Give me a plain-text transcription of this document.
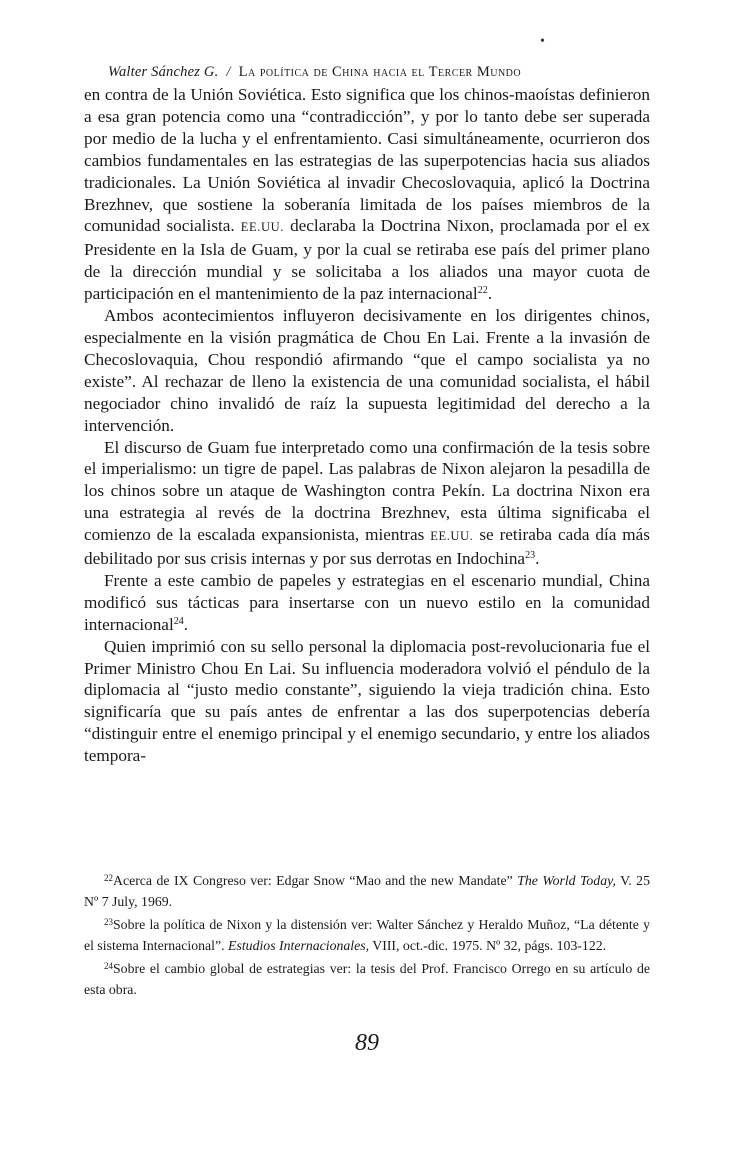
•
Walter Sánchez G. / La política de China hacia el Tercer Mundo

en contra de la Unión Soviética. Esto significa que los chinos-maoístas definieron a esa gran potencia como una “contradicción”, y por lo tanto debe ser superada por medio de la lucha y el enfrentamiento. Casi simultáneamente, ocurrieron dos cambios fundamentales en las estrategias de las superpotencias hacia sus aliados tradicionales. La Unión Soviética al invadir Checoslovaquia, aplicó la Doctrina Brezhnev, que sostiene la soberanía limitada de los países miembros de la comunidad socialista. EE.UU. declaraba la Doctrina Nixon, proclamada por el ex Presidente en la Isla de Guam, y por la cual se retiraba ese país del primer plano de la dirección mundial y se solicitaba a los aliados una mayor cuota de participación en el mantenimiento de la paz internacional$^{22}$.

Ambos acontecimientos influyeron decisivamente en los dirigentes chinos, especialmente en la visión pragmática de Chou En Lai. Frente a la invasión de Checoslovaquia, Chou respondió afirmando “que el campo socialista ya no existe”. Al rechazar de lleno la existencia de una comunidad socialista, el hábil negociador chino invalidó de raíz la supuesta legitimidad del derecho a la intervención.

El discurso de Guam fue interpretado como una confirmación de la tesis sobre el imperialismo: un tigre de papel. Las palabras de Nixon alejaron la pesadilla de los chinos sobre un ataque de Washington contra Pekín. La doctrina Nixon era una estrategia al revés de la doctrina Brezhnev, esta última significaba el comienzo de la escalada expansionista, mientras EE.UU. se retiraba cada día más debilitado por sus crisis internas y por sus derrotas en Indochina$^{23}$.

Frente a este cambio de papeles y estrategias en el escenario mundial, China modificó sus tácticas para insertarse con un nuevo estilo en la comunidad internacional$^{24}$.

Quien imprimió con su sello personal la diplomacia post-revolucionaria fue el Primer Ministro Chou En Lai. Su influencia moderadora volvió el péndulo de la diplomacia al “justo medio constante”, siguiendo la vieja tradición china. Esto significaría que su país antes de enfrentar a las dos superpotencias debería “distinguir entre el enemigo principal y el enemigo secundario, y entre los aliados tempora-

$^{22}$Acerca de IX Congreso ver: Edgar Snow “Mao and the new Mandate” The World Today, V. 25 Nº 7 July, 1969.

$^{23}$Sobre la política de Nixon y la distensión ver: Walter Sánchez y Heraldo Muñoz, “La détente y el sistema Internacional”. Estudios Internacionales, VIII, oct.-dic. 1975. Nº 32, págs. 103-122.

$^{24}$Sobre el cambio global de estrategias ver: la tesis del Prof. Francisco Orrego en su artículo de esta obra.

89
